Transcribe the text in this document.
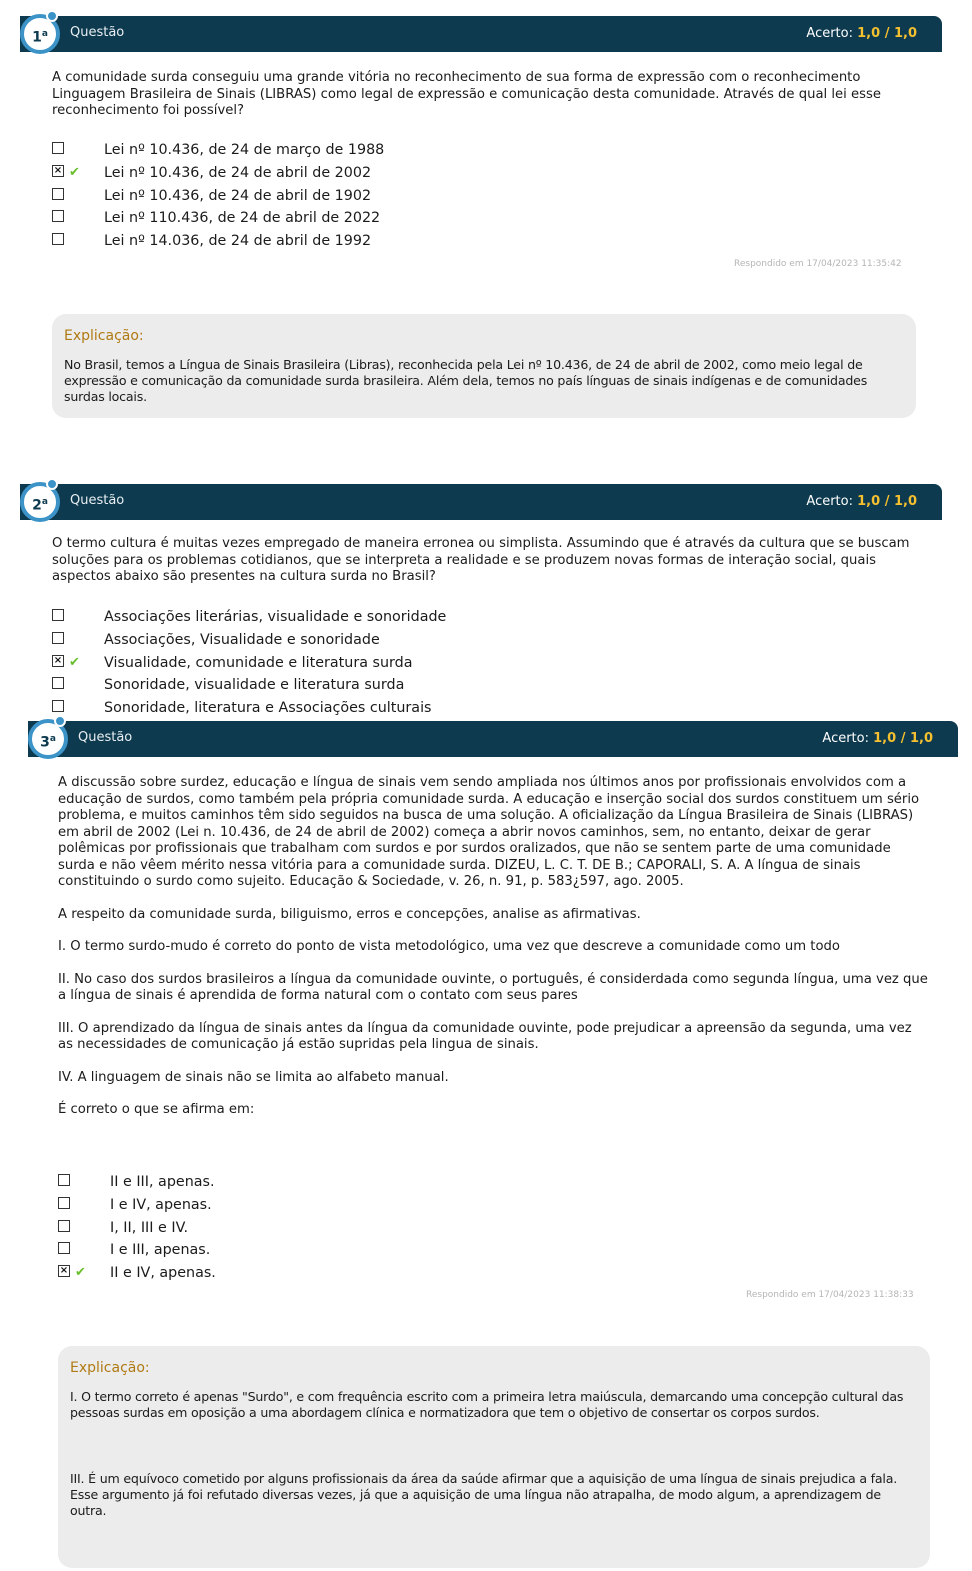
Questão	Acerto: 1,0 / 1,0
1$^a$

A comunidade surda conseguiu uma grande vitória no reconhecimento de sua forma de expressão com o reconhecimento Linguagem Brasileira de Sinais (LIBRAS) como legal de expressão e comunicação desta comunidade. Através de qual lei esse reconhecimento foi possível?

Lei nº 10.436, de 24 de março de 1988
× ✔ Lei nº 10.436, de 24 de abril de 2002
Lei nº 10.436, de 24 de abril de 1902
Lei nº 110.436, de 24 de abril de 2022
Lei nº 14.036, de 24 de abril de 1992
Respondido em 17/04/2023 11:35:42
Explicação:

No Brasil, temos a Língua de Sinais Brasileira (Libras), reconhecida pela Lei nº 10.436, de 24 de abril de 2002, como meio legal de expressão e comunicação da comunidade surda brasileira. Além dela, temos no país línguas de sinais indígenas e de comunidades surdas locais.

Questão	Acerto: 1,0 / 1,0
2$^a$

O termo cultura é muitas vezes empregado de maneira erronea ou simplista. Assumindo que é através da cultura que se buscam soluções para os problemas cotidianos, que se interpreta a realidade e se produzem novas formas de interação social, quais aspectos abaixo são presentes na cultura surda no Brasil?

Associações literárias, visualidade e sonoridade
Associações, Visualidade e sonoridade
× ✔ Visualidade, comunidade e literatura surda
Sonoridade, visualidade e literatura surda
Sonoridade, literatura e Associações culturais
Questão	Acerto: 1,0 / 1,0
3$^a$

A discussão sobre surdez, educação e língua de sinais vem sendo ampliada nos últimos anos por profissionais envolvidos com a educação de surdos, como também pela própria comunidade surda. A educação e inserção social dos surdos constituem um sério problema, e muitos caminhos têm sido seguidos na busca de uma solução. A oficialização da Língua Brasileira de Sinais (LIBRAS) em abril de 2002 (Lei n. 10.436, de 24 de abril de 2002) começa a abrir novos caminhos, sem, no entanto, deixar de gerar polêmicas por profissionais que trabalham com surdos e por surdos oralizados, que não se sentem parte de uma comunidade surda e não vêem mérito nessa vitória para a comunidade surda. DIZEU, L. C. T. DE B.; CAPORALI, S. A. A língua de sinais constituindo o surdo como sujeito. Educação & Sociedade, v. 26, n. 91, p. 583¿597, ago. 2005.

A respeito da comunidade surda, biliguismo, erros e concepções, analise as afirmativas.

I. O termo surdo-mudo é correto do ponto de vista metodológico, uma vez que descreve a comunidade como um todo

II. No caso dos surdos brasileiros a língua da comunidade ouvinte, o português, é considerdada como segunda língua, uma vez que a língua de sinais é aprendida de forma natural com o contato com seus pares

III. O aprendizado da língua de sinais antes da língua da comunidade ouvinte, pode prejudicar a apreensão da segunda, uma vez as necessidades de comunicação já estão supridas pela lingua de sinais.

IV. A linguagem de sinais não se limita ao alfabeto manual.

É correto o que se afirma em:

II e III, apenas.
I e IV, apenas.
I, II, III e IV.
I e III, apenas.
× ✔ II e IV, apenas.
Respondido em 17/04/2023 11:38:33
Explicação:

I. O termo correto é apenas "Surdo", e com frequência escrito com a primeira letra maiúscula, demarcando uma concepção cultural das pessoas surdas em oposição a uma abordagem clínica e normatizadora que tem o objetivo de consertar os corpos surdos.

III. É um equívoco cometido por alguns profissionais da área da saúde afirmar que a aquisição de uma língua de sinais prejudica a fala. Esse argumento já foi refutado diversas vezes, já que a aquisição de uma língua não atrapalha, de modo algum, a aprendizagem de outra.
